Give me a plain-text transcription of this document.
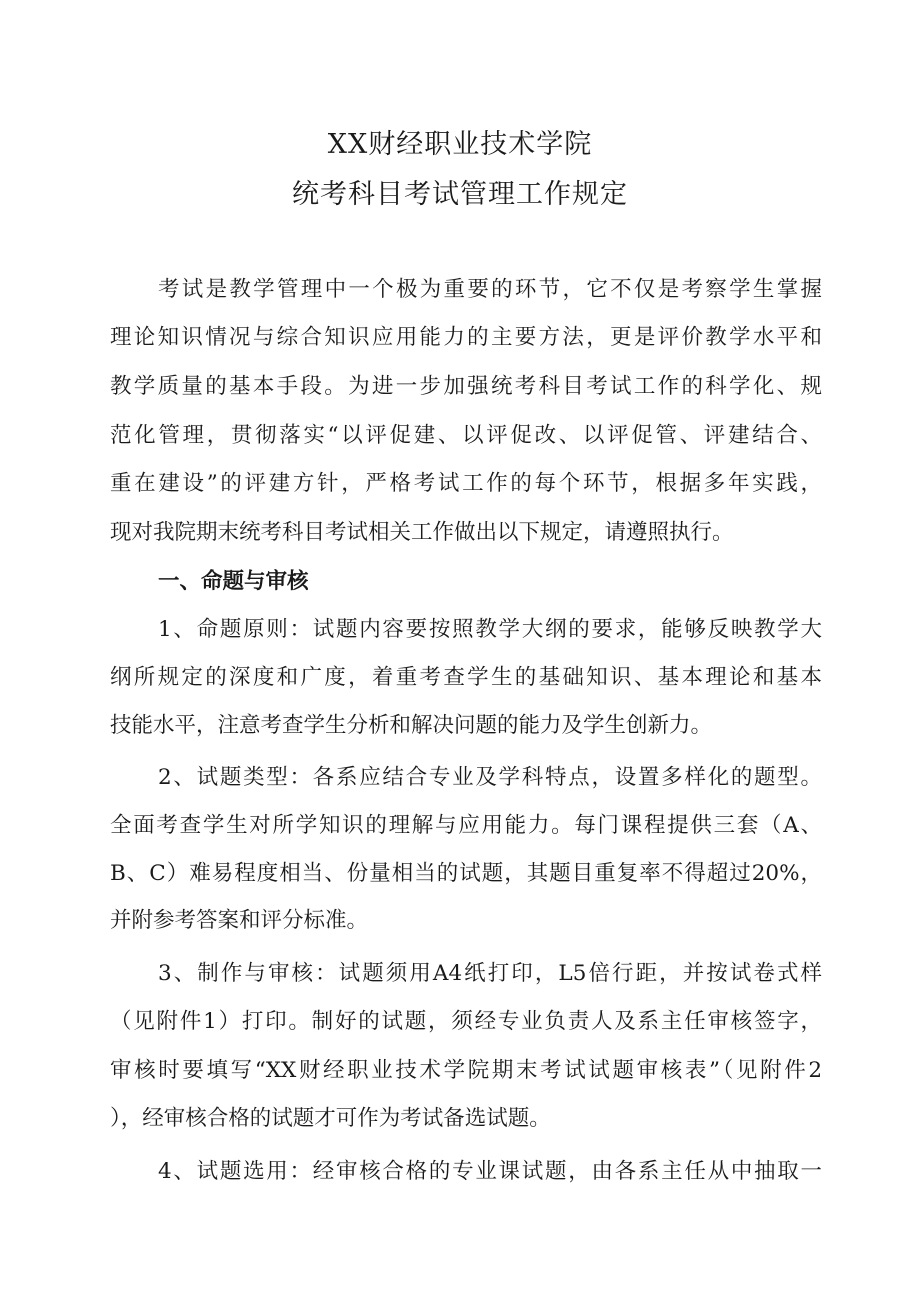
XX财经职业技术学院
统考科目考试管理工作规定
考试是教学管理中一个极为重要的环节，它不仅是考察学生掌握
理论知识情况与综合知识应用能力的主要方法，更是评价教学水平和
教学质量的基本手段。为进一步加强统考科目考试工作的科学化、规
范化管理，贯彻落实“以评促建、以评促改、以评促管、评建结合、
重在建设”的评建方针，严格考试工作的每个环节，根据多年实践，
现对我院期末统考科目考试相关工作做出以下规定，请遵照执行。
一、命题与审核
1、命题原则：试题内容要按照教学大纲的要求，能够反映教学大
纲所规定的深度和广度，着重考查学生的基础知识、基本理论和基本
技能水平，注意考查学生分析和解决问题的能力及学生创新力。
2、试题类型：各系应结合专业及学科特点，设置多样化的题型。
全面考查学生对所学知识的理解与应用能力。每门课程提供三套（A、
B、C）难易程度相当、份量相当的试题，其题目重复率不得超过20%，
并附参考答案和评分标准。
3、制作与审核：试题须用A4纸打印，L5倍行距，并按试卷式样
（见附件1）打印。制好的试题，须经专业负责人及系主任审核签字，
审核时要填写“XX财经职业技术学院期末考试试题审核表”（见附件2
），经审核合格的试题才可作为考试备选试题。
4、试题选用：经审核合格的专业课试题，由各系主任从中抽取一
